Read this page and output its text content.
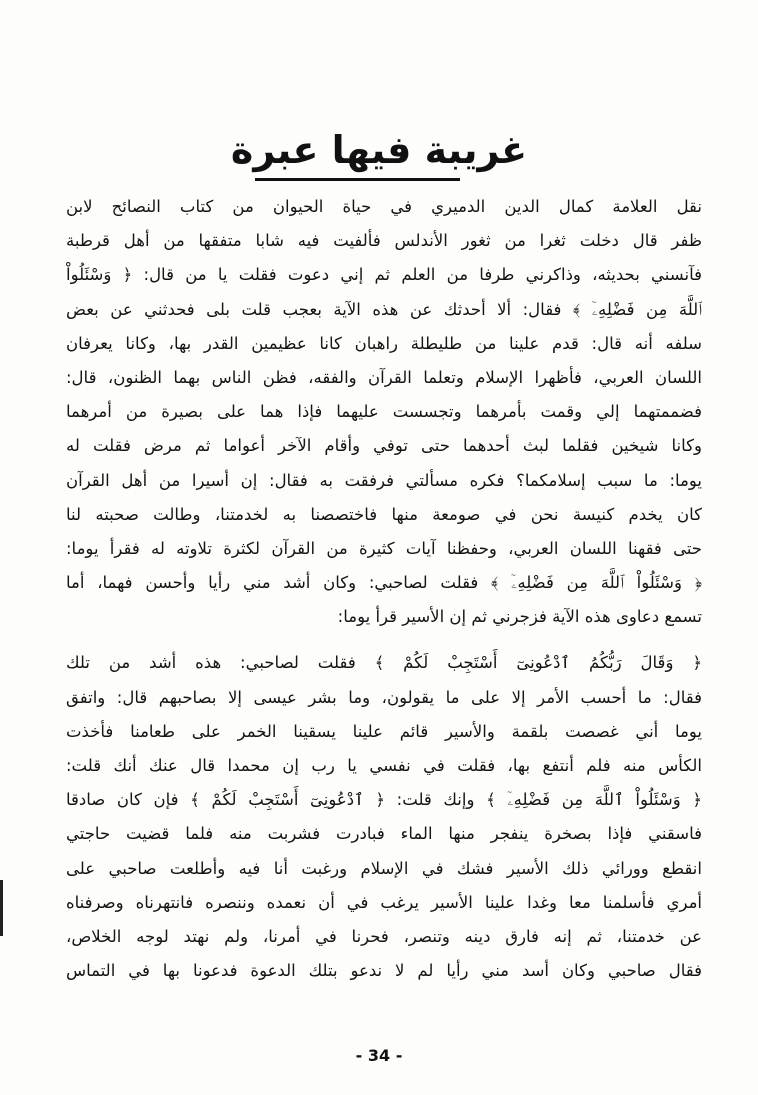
غريبة فيها عبرة
نقل العلامة كمال الدين الدميري في حياة الحيوان من كتاب النصائح لابن
ظفر قال دخلت ثغرا من ثغور الأندلس فألفيت فيه شابا متفقها من أهل قرطبة
فآنسني بحديثه، وذاكرني طرفا من العلم ثم إني دعوت فقلت يا من قال: ﴿ وَسْئَلُواْ
ٱللَّهَ مِن فَضْلِهِۦٓ ﴾ فقال: ألا أحدثك عن هذه الآية بعجب قلت بلى فحدثني عن بعض
سلفه أنه قال: قدم علينا من طليطلة راهبان كانا عظيمين القدر بها، وكانا يعرفان
اللسان العربي، فأظهرا الإسلام وتعلما القرآن والفقه، فظن الناس بهما الظنون، قال:
فضممتهما إلي وقمت بأمرهما وتجسست عليهما فإذا هما على بصيرة من أمرهما
وكانا شيخين فقلما لبث أحدهما حتى توفي وأقام الآخر أعواما ثم مرض فقلت له
يوما: ما سبب إسلامكما؟ فكره مسألتي فرفقت به فقال: إن أسيرا من أهل القرآن
كان يخدم كنيسة نحن في صومعة منها فاختصصنا به لخدمتنا، وطالت صحبته لنا
حتى فقهنا اللسان العربي، وحفظنا آيات كثيرة من القرآن لكثرة تلاوته له فقرأ يوما:
﴿ وَسْئَلُواْ ٱللَّهَ مِن فَضْلِهِۦٓ ﴾ فقلت لصاحبي: وكان أشد مني رأيا وأحسن فهما، أما
تسمع دعاوى هذه الآية فزجرني ثم إن الأسير قرأ يوما:
﴿ وَقَالَ رَبُّكُمُ ٱدْعُونِىٓ أَسْتَجِبْ لَكُمْ ﴾ فقلت لصاحبي: هذه أشد من تلك
فقال: ما أحسب الأمر إلا على ما يقولون، وما بشر عيسى إلا بصاحبهم قال: واتفق
يوما أني غصصت بلقمة والأسير قائم علينا يسقينا الخمر على طعامنا فأخذت
الكأس منه فلم أنتفع بها، فقلت في نفسي يا رب إن محمدا قال عنك أنك قلت:
﴿ وَسْئَلُواْ ٱللَّهَ مِن فَضْلِهِۦٓ ﴾ وإنك قلت: ﴿ ٱدْعُونِىٓ أَسْتَجِبْ لَكُمْ ﴾ فإن كان صادقا
فاسقني فإذا بصخرة ينفجر منها الماء فبادرت فشربت منه فلما قضيت حاجتي
انقطع وورائي ذلك الأسير فشك في الإسلام ورغبت أنا فيه وأطلعت صاحبي على
أمري فأسلمنا معا وغدا علينا الأسير يرغب في أن نعمده وننصره فانتهرناه وصرفناه
عن خدمتنا، ثم إنه فارق دينه وتنصر، فحرنا في أمرنا، ولم نهتد لوجه الخلاص،
فقال صاحبي وكان أسد مني رأيا لم لا ندعو بتلك الدعوة فدعونا بها في التماس
- 34 -
